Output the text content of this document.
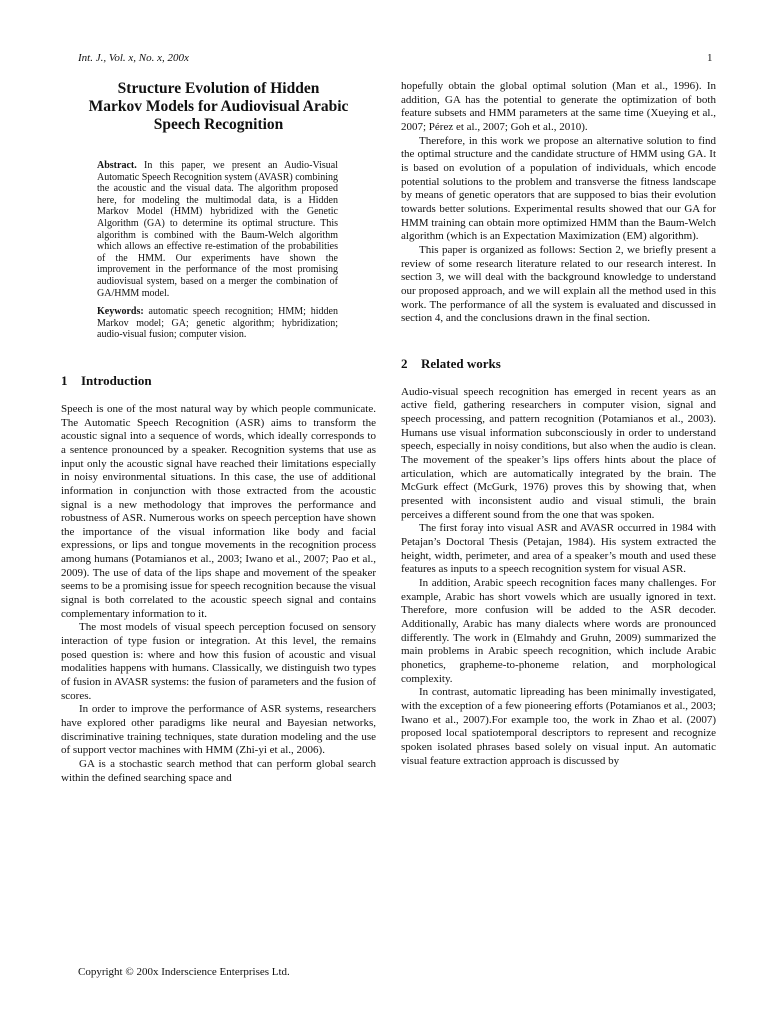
Int. J., Vol. x, No. x, 200x	1
Structure Evolution of Hidden
Markov Models for Audiovisual Arabic
Speech Recognition

Abstract. In this paper, we present an Audio-Visual Automatic Speech Recognition system (AVASR) combining the acoustic and the visual data. The algorithm proposed here, for modeling the multimodal data, is a Hidden Markov Model (HMM) hybridized with the Genetic Algorithm (GA) to determine its optimal structure. This algorithm is combined with the Baum-Welch algorithm which allows an effective re-estimation of the probabilities of the HMM. Our experiments have shown the improvement in the performance of the most promising audiovisual system, based on a merger the combination of GA/HMM model.

Keywords: automatic speech recognition; HMM; hidden Markov model; GA; genetic algorithm; hybridization; audio-visual fusion; computer vision.

1 Introduction

Speech is one of the most natural way by which people communicate. The Automatic Speech Recognition (ASR) aims to transform the acoustic signal into a sequence of words, which ideally corresponds to a sentence pronounced by a speaker. Recognition systems that use as input only the acoustic signal have reached their limitations especially in noisy environmental situations. In this case, the use of additional information in conjunction with those extracted from the acoustic signal is a new methodology that improves the performance and robustness of ASR. Numerous works on speech perception have shown the importance of the visual information like body and facial expressions, or lips and tongue movements in the recognition process among humans (Potamianos et al., 2003; Iwano et al., 2007; Pao et al., 2009). The use of data of the lips shape and movement of the speaker seems to be a promising issue for speech recognition because the visual signal is both correlated to the acoustic speech signal and contains complementary information to it.

The most models of visual speech perception focused on sensory interaction of type fusion or integration. At this level, the remains posed question is: where and how this fusion of acoustic and visual modalities happens with humans. Classically, we distinguish two types of fusion in AVASR systems: the fusion of parameters and the fusion of scores.

In order to improve the performance of ASR systems, researchers have explored other paradigms like neural and Bayesian networks, discriminative training techniques, state duration modeling and the use of support vector machines with HMM (Zhi-yi et al., 2006).

GA is a stochastic search method that can perform global search within the defined searching space and

hopefully obtain the global optimal solution (Man et al., 1996). In addition, GA has the potential to generate the optimization of both feature subsets and HMM parameters at the same time (Xueying et al., 2007; Pérez et al., 2007; Goh et al., 2010).

Therefore, in this work we propose an alternative solution to find the optimal structure and the candidate structure of HMM using GA. It is based on evolution of a population of individuals, which encode potential solutions to the problem and transverse the fitness landscape by means of genetic operators that are supposed to bias their evolution towards better solutions. Experimental results showed that our GA for HMM training can obtain more optimized HMM than the Baum-Welch algorithm (which is an Expectation Maximization (EM) algorithm).

This paper is organized as follows: Section 2, we briefly present a review of some research literature related to our research interest. In section 3, we will deal with the background knowledge to understand our proposed approach, and we will explain all the method used in this work. The performance of all the system is evaluated and discussed in section 4, and the conclusions drawn in the final section.

2 Related works

Audio-visual speech recognition has emerged in recent years as an active field, gathering researchers in computer vision, signal and speech processing, and pattern recognition (Potamianos et al., 2003). Humans use visual information subconsciously in order to understand speech, especially in noisy conditions, but also when the audio is clean. The movement of the speaker’s lips offers hints about the place of articulation, which are automatically integrated by the brain. The McGurk effect (McGurk, 1976) proves this by showing that, when presented with inconsistent audio and visual stimuli, the brain perceives a different sound from the one that was spoken.

The first foray into visual ASR and AVASR occurred in 1984 with Petajan’s Doctoral Thesis (Petajan, 1984). His system extracted the height, width, perimeter, and area of a speaker’s mouth and used these features as inputs to a speech recognition system for visual ASR.

In addition, Arabic speech recognition faces many challenges. For example, Arabic has short vowels which are usually ignored in text. Therefore, more confusion will be added to the ASR decoder. Additionally, Arabic has many dialects where words are pronounced differently. The work in (Elmahdy and Gruhn, 2009) summarized the main problems in Arabic speech recognition, which include Arabic phonetics, grapheme-to-phoneme relation, and morphological complexity.

In contrast, automatic lipreading has been minimally investigated, with the exception of a few pioneering efforts (Potamianos et al., 2003; Iwano et al., 2007).For example too, the work in Zhao et al. (2007) proposed local spatiotemporal descriptors to represent and recognize spoken isolated phrases based solely on visual input. An automatic visual feature extraction approach is discussed by

Copyright © 200x Inderscience Enterprises Ltd.
